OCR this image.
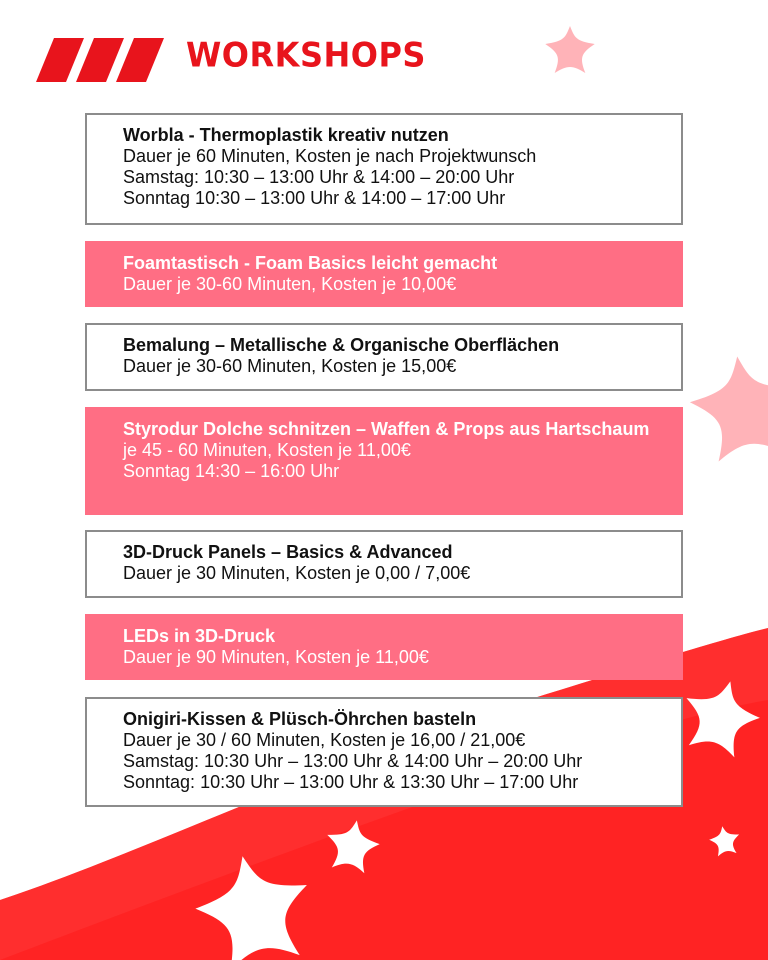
WORKSHOPS
Worbla - Thermoplastik kreativ nutzen
Dauer je 60 Minuten, Kosten je nach Projektwunsch
Samstag: 10:30 – 13:00 Uhr & 14:00 – 20:00 Uhr
Sonntag 10:30 – 13:00 Uhr & 14:00 – 17:00 Uhr
Foamtastisch - Foam Basics leicht gemacht
Dauer je 30-60 Minuten, Kosten je 10,00€
Bemalung – Metallische & Organische Oberflächen
Dauer je 30-60 Minuten, Kosten je 15,00€
Styrodur Dolche schnitzen – Waffen & Props aus Hartschaum
je 45 - 60 Minuten, Kosten je 11,00€
Sonntag 14:30 – 16:00 Uhr
3D-Druck Panels – Basics & Advanced
Dauer je 30 Minuten, Kosten je 0,00 / 7,00€
LEDs in 3D-Druck
Dauer je 90 Minuten, Kosten je 11,00€
Onigiri-Kissen & Plüsch-Öhrchen basteln
Dauer je 30 / 60 Minuten, Kosten je 16,00 / 21,00€
Samstag: 10:30 Uhr – 13:00 Uhr & 14:00 Uhr – 20:00 Uhr
Sonntag: 10:30 Uhr – 13:00 Uhr & 13:30 Uhr – 17:00 Uhr
